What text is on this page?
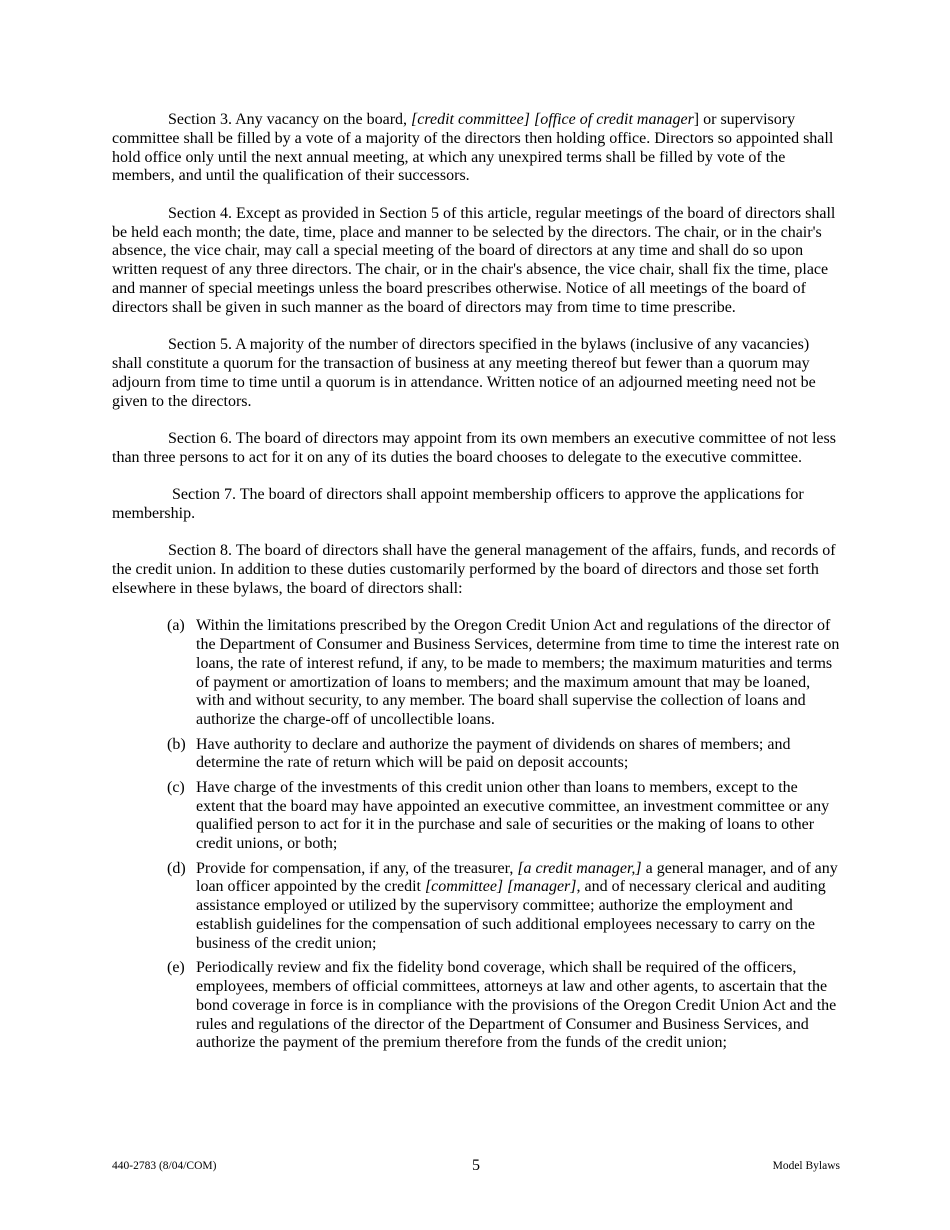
Section 3. Any vacancy on the board, [credit committee] [office of credit manager] or supervisory committee shall be filled by a vote of a majority of the directors then holding office. Directors so appointed shall hold office only until the next annual meeting, at which any unexpired terms shall be filled by vote of the members, and until the qualification of their successors.

Section 4. Except as provided in Section 5 of this article, regular meetings of the board of directors shall be held each month; the date, time, place and manner to be selected by the directors. The chair, or in the chair's absence, the vice chair, may call a special meeting of the board of directors at any time and shall do so upon written request of any three directors. The chair, or in the chair's absence, the vice chair, shall fix the time, place and manner of special meetings unless the board prescribes otherwise. Notice of all meetings of the board of directors shall be given in such manner as the board of directors may from time to time prescribe.

Section 5. A majority of the number of directors specified in the bylaws (inclusive of any vacancies) shall constitute a quorum for the transaction of business at any meeting thereof but fewer than a quorum may adjourn from time to time until a quorum is in attendance. Written notice of an adjourned meeting need not be given to the directors.

Section 6. The board of directors may appoint from its own members an executive committee of not less than three persons to act for it on any of its duties the board chooses to delegate to the executive committee.

Section 7. The board of directors shall appoint membership officers to approve the applications for membership.

Section 8. The board of directors shall have the general management of the affairs, funds, and records of the credit union. In addition to these duties customarily performed by the board of directors and those set forth elsewhere in these bylaws, the board of directors shall:

(a) Within the limitations prescribed by the Oregon Credit Union Act and regulations of the director of the Department of Consumer and Business Services, determine from time to time the interest rate on loans, the rate of interest refund, if any, to be made to members; the maximum maturities and terms of payment or amortization of loans to members; and the maximum amount that may be loaned, with and without security, to any member. The board shall supervise the collection of loans and authorize the charge-off of uncollectible loans.
(b) Have authority to declare and authorize the payment of dividends on shares of members; and determine the rate of return which will be paid on deposit accounts;
(c) Have charge of the investments of this credit union other than loans to members, except to the extent that the board may have appointed an executive committee, an investment committee or any qualified person to act for it in the purchase and sale of securities or the making of loans to other credit unions, or both;
(d) Provide for compensation, if any, of the treasurer, [a credit manager,] a general manager, and of any loan officer appointed by the credit [committee] [manager], and of necessary clerical and auditing assistance employed or utilized by the supervisory committee; authorize the employment and establish guidelines for the compensation of such additional employees necessary to carry on the business of the credit union;
(e) Periodically review and fix the fidelity bond coverage, which shall be required of the officers, employees, members of official committees, attorneys at law and other agents, to ascertain that the bond coverage in force is in compliance with the provisions of the Oregon Credit Union Act and the rules and regulations of the director of the Department of Consumer and Business Services, and authorize the payment of the premium therefore from the funds of the credit union;
440-2783 (8/04/COM)	5	Model Bylaws
